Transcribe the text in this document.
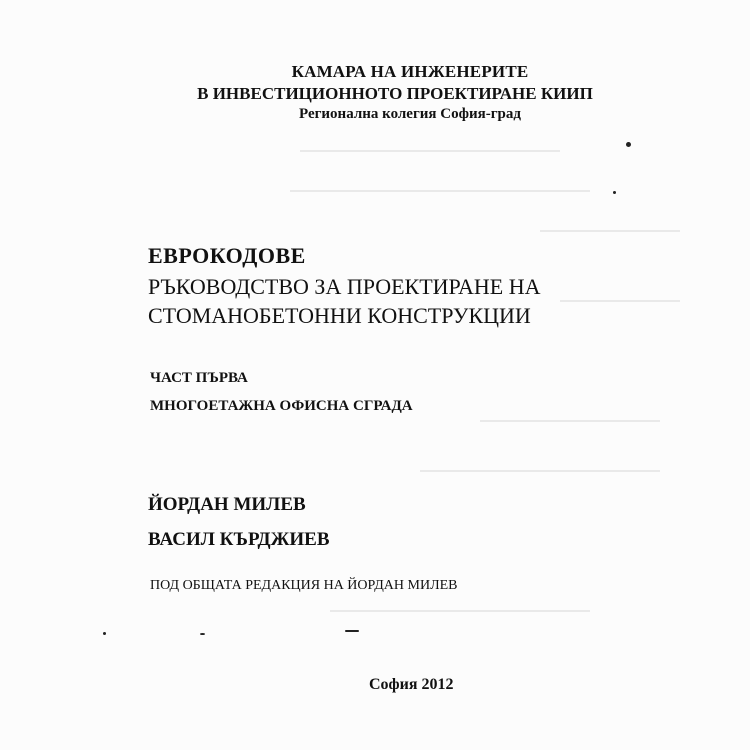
КАМАРА НА ИНЖЕНЕРИТЕ
В ИНВЕСТИЦИОННОТО ПРОЕКТИРАНЕ КИИП
Регионална колегия София-град
ЕВРОКОДОВЕ
РЪКОВОДСТВО ЗА ПРОЕКТИРАНЕ НА
СТОМАНОБЕТОННИ КОНСТРУКЦИИ
ЧАСТ ПЪРВА
МНОГОЕТАЖНА ОФИСНА СГРАДА
ЙОРДАН МИЛЕВ
ВАСИЛ КЪРДЖИЕВ
ПОД ОБЩАТА РЕДАКЦИЯ НА ЙОРДАН МИЛЕВ
София 2012
